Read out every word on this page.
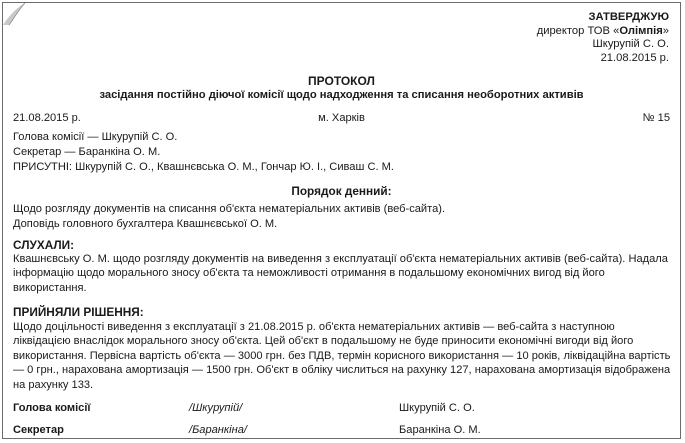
ЗАТВЕРДЖУЮ
директор ТОВ «Олімпія»
Шкурупій С. О.
21.08.2015 р.
ПРОТОКОЛ
засідання постійно діючої комісії щодо надходження та списання необоротних активів
21.08.2015 р.	м. Харків	№ 15
Голова комісії — Шкурупій С. О.
Секретар — Баранкіна О. М.
ПРИСУТНІ: Шкурупій С. О., Квашнєвська О. М., Гончар Ю. І., Сиваш С. М.
Порядок денний:
Щодо розгляду документів на списання об'єкта нематеріальних активів (веб-сайта).
Доповідь головного бухгалтера Квашнєвської О. М.
СЛУХАЛИ:
Квашнєвську О. М. щодо розгляду документів на виведення з експлуатації об'єкта нематеріальних активів (веб-сайта). Надала інформацію щодо морального зносу об'єкта та неможливості отримання в подальшому економічних вигод від його використання.
ПРИЙНЯЛИ РІШЕННЯ:
Щодо доцільності виведення з експлуатації з 21.08.2015 р. об'єкта нематеріальних активів — веб-сайта з наступною ліквідацією внаслідок морального зносу об'єкта. Цей об'єкт в подальшому не буде приносити економічні вигоди від його використання. Первісна вартість об'єкта — 3000 грн. без ПДВ, термін корисного використання — 10 років, ліквідаційна вартість — 0 грн., нарахована амортизація — 1500 грн. Об'єкт в обліку числиться на рахунку 127, нарахована амортизація відображена на рахунку 133.
Голова комісії	/Шкурупій/	Шкурупій С. О.
Секретар	/Баранкіна/	Баранкіна О. М.
